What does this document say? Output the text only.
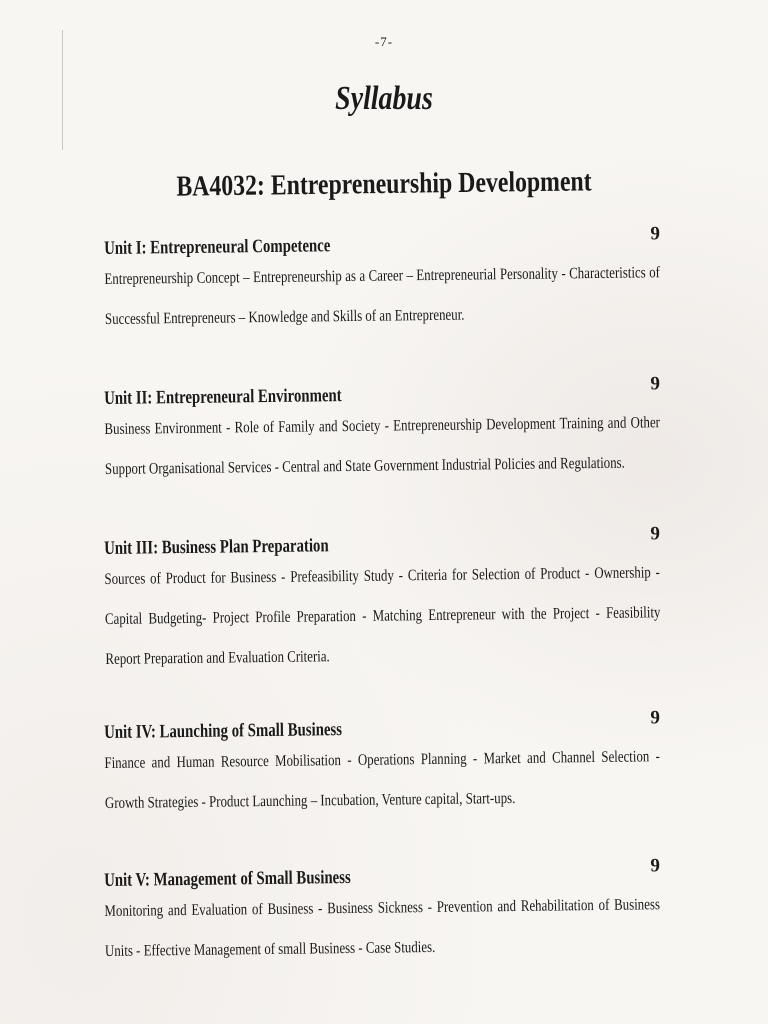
-7-
Syllabus
BA4032: Entrepreneurship Development
Unit I: Entrepreneural Competence
9
Entrepreneurship Concept – Entrepreneurship as a Career – Entrepreneurial Personality - Characteristics of Successful Entrepreneurs – Knowledge and Skills of an Entrepreneur.
Unit II: Entrepreneural Environment
9
Business Environment - Role of Family and Society - Entrepreneurship Development Training and Other Support Organisational Services - Central and State Government Industrial Policies and Regulations.
Unit III: Business Plan Preparation
9
Sources of Product for Business - Prefeasibility Study - Criteria for Selection of Product - Ownership - Capital Budgeting- Project Profile Preparation - Matching Entrepreneur with the Project - Feasibility Report Preparation and Evaluation Criteria.
Unit IV: Launching of Small Business
9
Finance and Human Resource Mobilisation - Operations Planning - Market and Channel Selection - Growth Strategies - Product Launching – Incubation, Venture capital, Start-ups.
Unit V: Management of Small Business
9
Monitoring and Evaluation of Business - Business Sickness - Prevention and Rehabilitation of Business Units - Effective Management of small Business - Case Studies.
